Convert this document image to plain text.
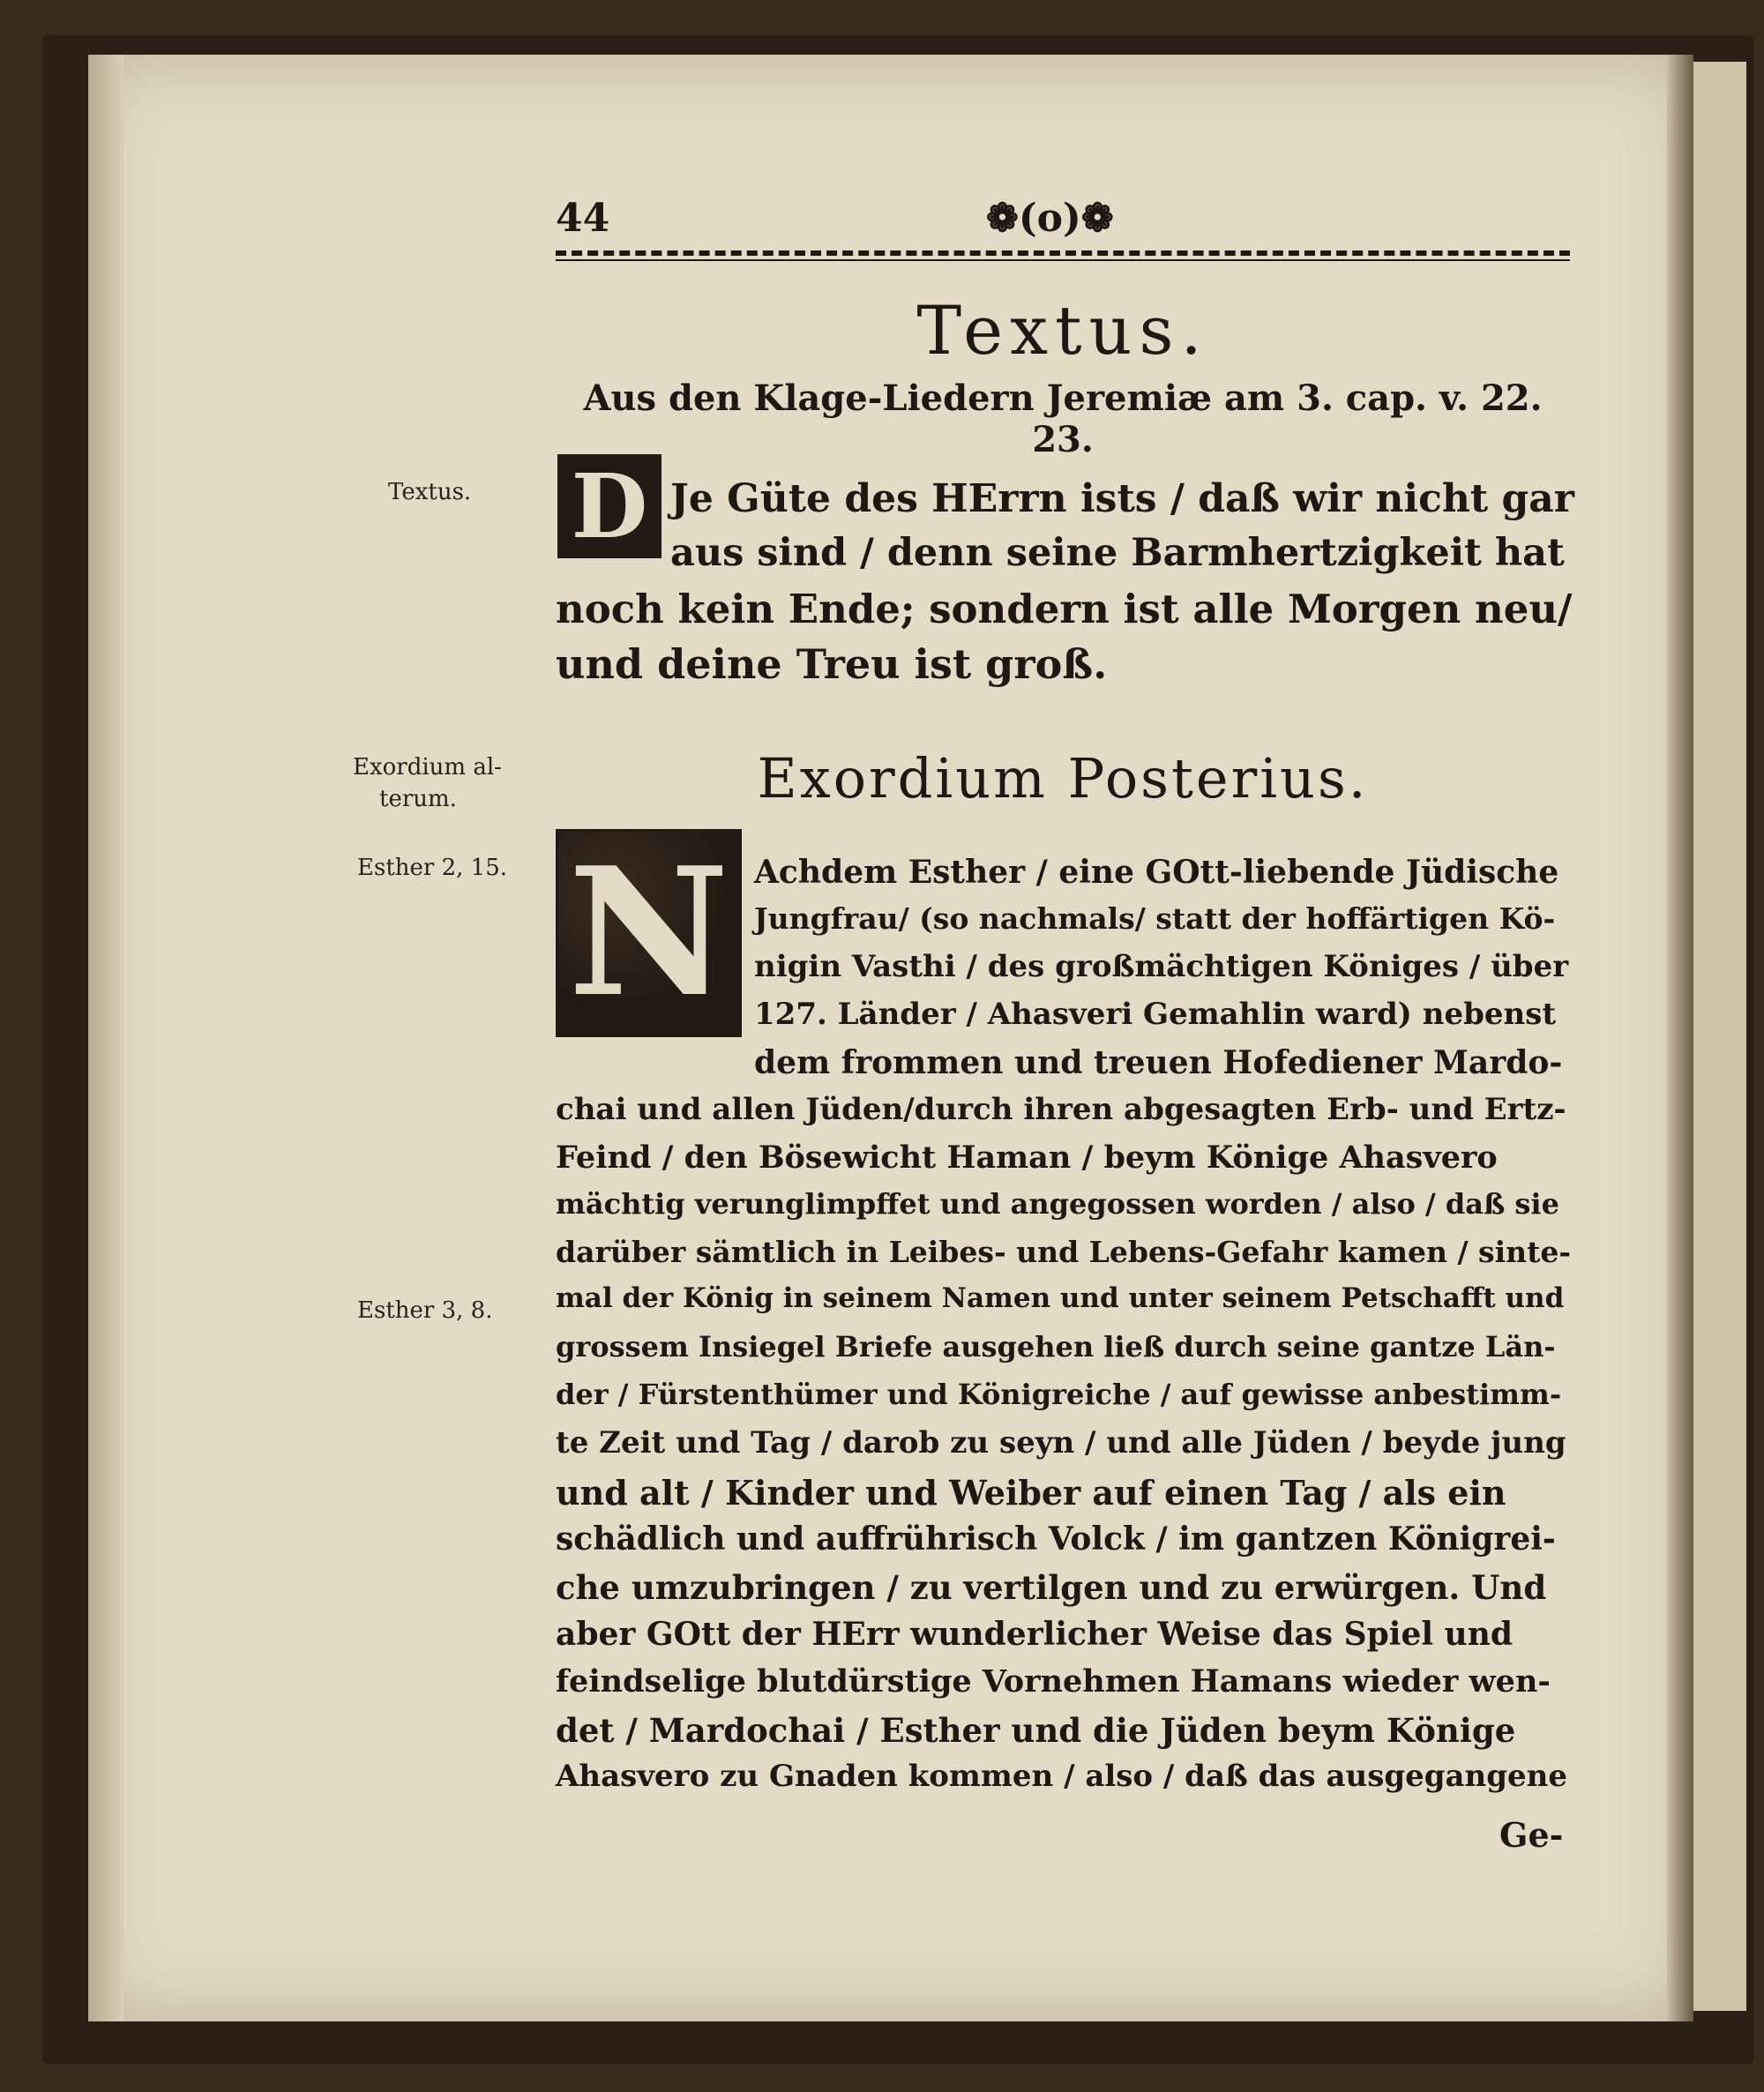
44	❁(o)❁
Textus.
Aus den Klage-Liedern Jeremiæ am 3. cap. v. 22. 23.
Textus.
Exordium al-
terum.
Esther 2, 15.
Esther 3, 8.
D Je Güte des HErrn ists / daß wir nicht gar
aus sind / denn seine Barmhertzigkeit hat
noch kein Ende; sondern ist alle Morgen neu/
und deine Treu ist groß.
Exordium Posterius.
N Achdem Esther / eine GOtt-liebende Jüdische
Jungfrau/ (so nachmals/ statt der hoffärtigen Kö-
nigin Vasthi / des großmächtigen Königes / über
127. Länder / Ahasveri Gemahlin ward) nebenst
dem frommen und treuen Hofediener Mardo-
chai und allen Jüden/durch ihren abgesagten Erb- und Ertz-
Feind / den Bösewicht Haman / beym Könige Ahasvero
mächtig verunglimpffet und angegossen worden / also / daß sie
darüber sämtlich in Leibes- und Lebens-Gefahr kamen / sinte-
mal der König in seinem Namen und unter seinem Petschafft und
grossem Insiegel Briefe ausgehen ließ durch seine gantze Län-
der / Fürstenthümer und Königreiche / auf gewisse anbestimm-
te Zeit und Tag / darob zu seyn / und alle Jüden / beyde jung
und alt / Kinder und Weiber auf einen Tag / als ein
schädlich und auffrührisch Volck / im gantzen Königrei-
che umzubringen / zu vertilgen und zu erwürgen. Und
aber GOtt der HErr wunderlicher Weise das Spiel und
feindselige blutdürstige Vornehmen Hamans wieder wen-
det / Mardochai / Esther und die Jüden beym Könige
Ahasvero zu Gnaden kommen / also / daß das ausgegangene
Ge-
